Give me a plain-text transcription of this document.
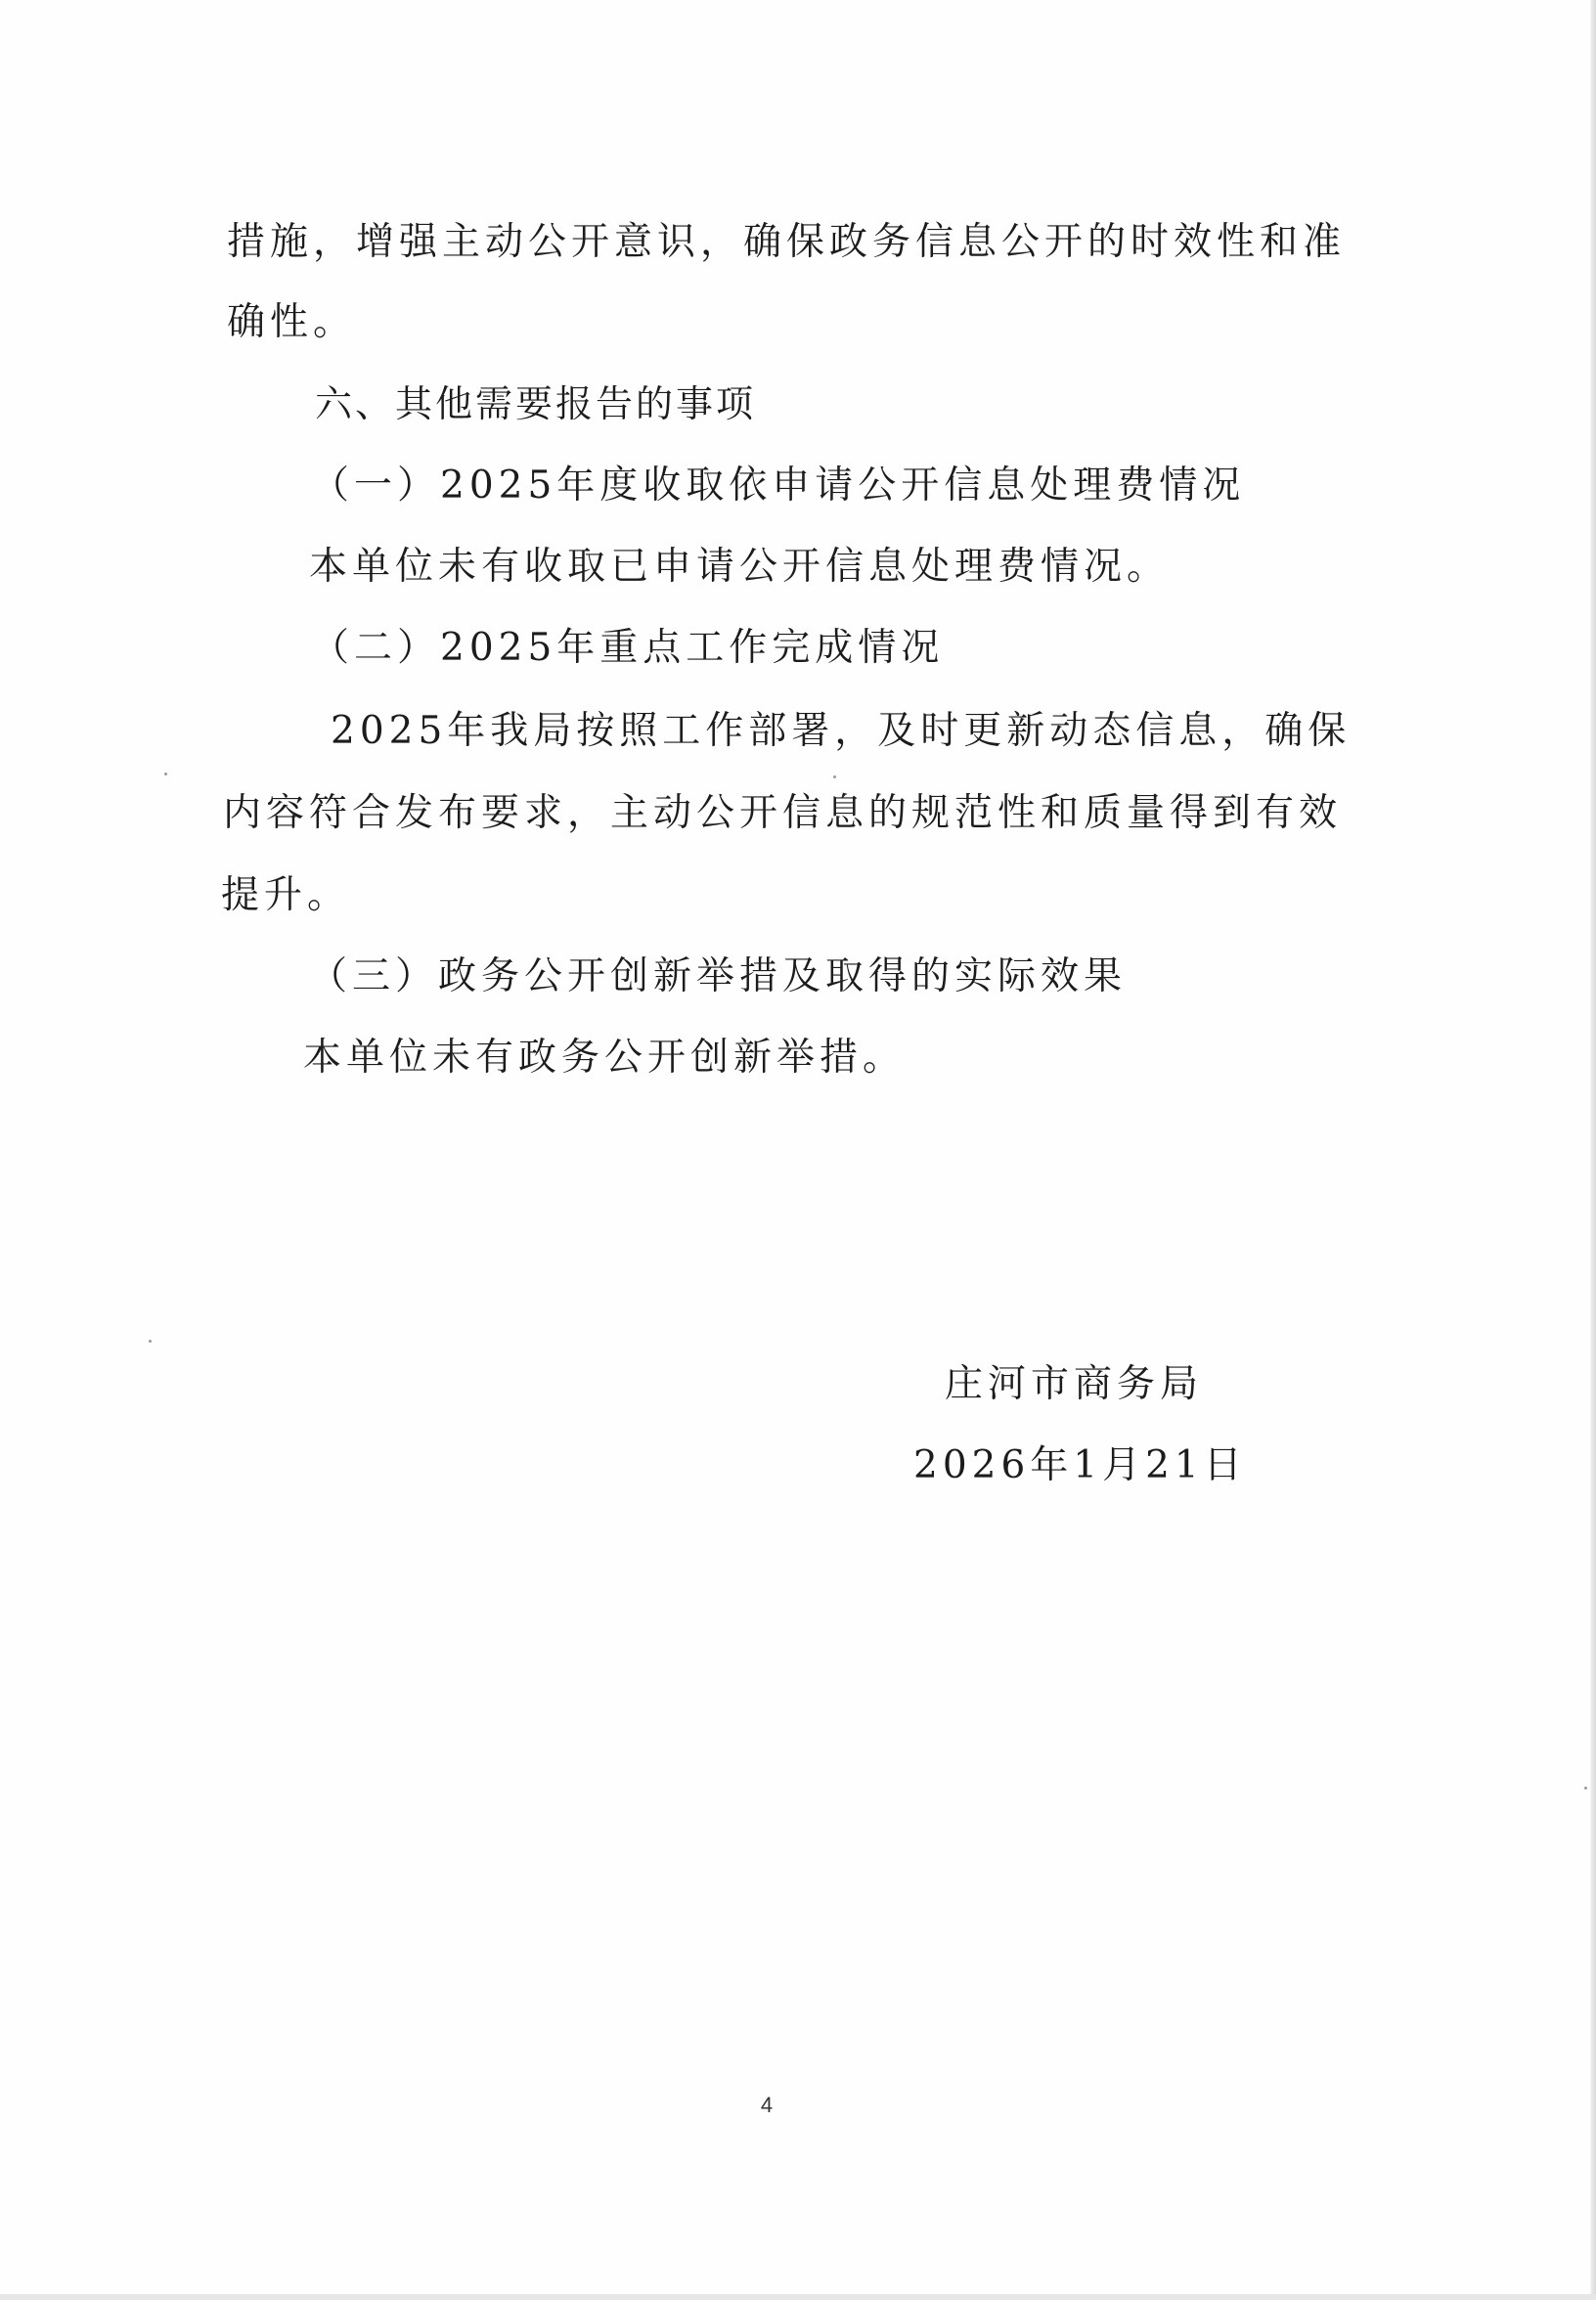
措施，增强主动公开意识，确保政务信息公开的时效性和准
确性。
六、其他需要报告的事项
（一）2025年度收取依申请公开信息处理费情况
本单位未有收取已申请公开信息处理费情况。
（二）2025年重点工作完成情况
2025年我局按照工作部署，及时更新动态信息，确保
内容符合发布要求，主动公开信息的规范性和质量得到有效
提升。
（三）政务公开创新举措及取得的实际效果
本单位未有政务公开创新举措。
庄河市商务局
2026年1月21日
4
